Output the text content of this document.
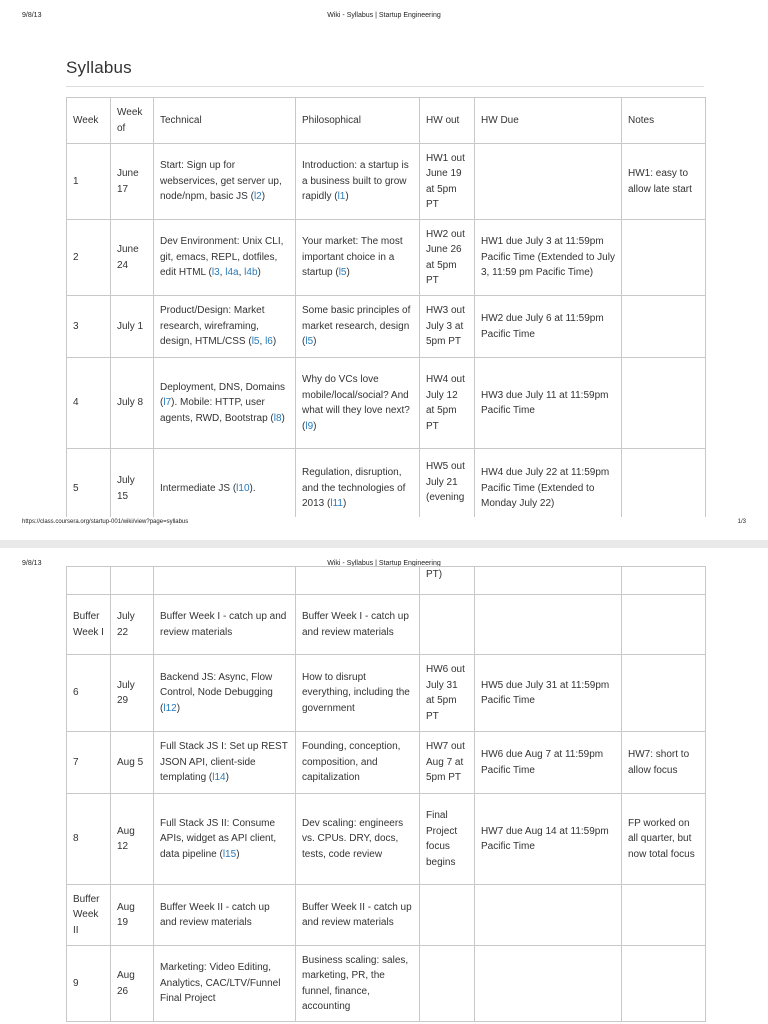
9/8/13	Wiki - Syllabus | Startup Engineering
Syllabus
Week	Week of	Technical	Philosophical	HW out	HW Due	Notes
1	June 17	Start: Sign up for webservices, get server up, node/npm, basic JS (l2)	Introduction: a startup is a business built to grow rapidly (l1)	HW1 out June 19 at 5pm PT		HW1: easy to allow late start
2	June 24	Dev Environment: Unix CLI, git, emacs, REPL, dotfiles, edit HTML (l3, l4a, l4b)	Your market: The most important choice in a startup (l5)	HW2 out June 26 at 5pm PT	HW1 due July 3 at 11:59pm Pacific Time (Extended to July 3, 11:59 pm Pacific Time)	
3	July 1	Product/Design: Market research, wireframing, design, HTML/CSS (l5, l6)	Some basic principles of market research, design (l5)	HW3 out July 3 at 5pm PT	HW2 due July 6 at 11:59pm Pacific Time	
4	July 8	Deployment, DNS, Domains (l7). Mobile: HTTP, user agents, RWD, Bootstrap (l8)	Why do VCs love mobile/local/social? And what will they love next? (l9)	HW4 out July 12 at 5pm PT	HW3 due July 11 at 11:59pm Pacific Time	
5	July 15	Intermediate JS (l10).	Regulation, disruption, and the technologies of 2013 (l11)	HW5 out July 21 (evening	HW4 due July 22 at 11:59pm Pacific Time (Extended to Monday July 22)	
https://class.coursera.org/startup-001/wiki/view?page=syllabus	1/3
9/8/13	Wiki - Syllabus | Startup Engineering
				PT)		
Buffer Week I	July 22	Buffer Week I - catch up and review materials	Buffer Week I - catch up and review materials			
6	July 29	Backend JS: Async, Flow Control, Node Debugging (l12)	How to disrupt everything, including the government	HW6 out July 31 at 5pm PT	HW5 due July 31 at 11:59pm Pacific Time	
7	Aug 5	Full Stack JS I: Set up REST JSON API, client-side templating (l14)	Founding, conception, composition, and capitalization	HW7 out Aug 7 at 5pm PT	HW6 due Aug 7 at 11:59pm Pacific Time	HW7: short to allow focus
8	Aug 12	Full Stack JS II: Consume APIs, widget as API client, data pipeline (l15)	Dev scaling: engineers vs. CPUs. DRY, docs, tests, code review	Final Project focus begins	HW7 due Aug 14 at 11:59pm Pacific Time	FP worked on all quarter, but now total focus
Buffer Week II	Aug 19	Buffer Week II - catch up and review materials	Buffer Week II - catch up and review materials			
9	Aug 26	Marketing: Video Editing, Analytics, CAC/LTV/Funnel Final Project	Business scaling: sales, marketing, PR, the funnel, finance, accounting			
